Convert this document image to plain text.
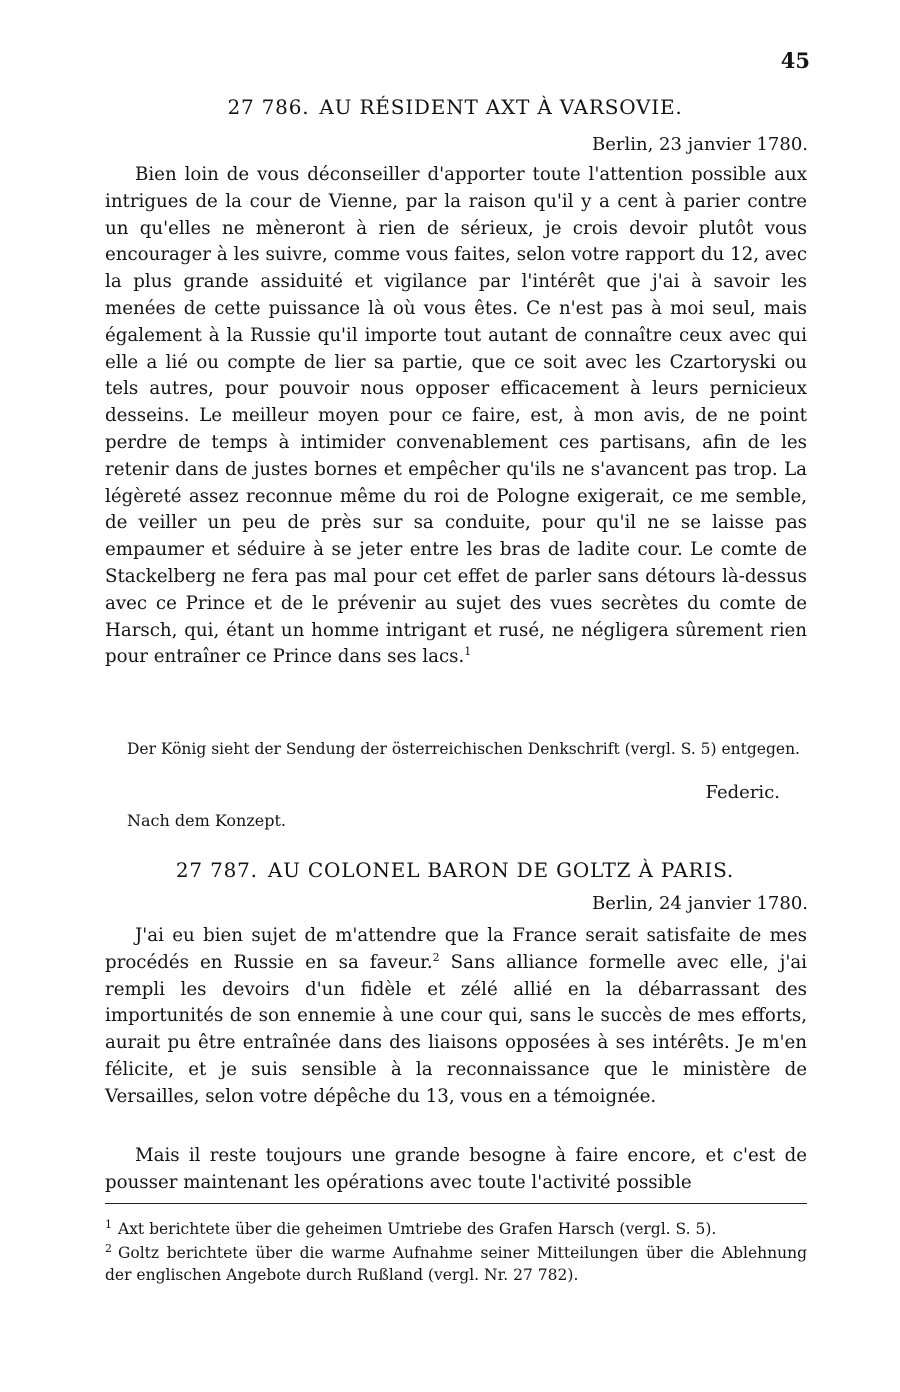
45
27 786. AU RÉSIDENT AXT À VARSOVIE.
Berlin, 23 janvier 1780.

Bien loin de vous déconseiller d'apporter toute l'attention possible aux intrigues de la cour de Vienne, par la raison qu'il y a cent à parier contre un qu'elles ne mèneront à rien de sérieux, je crois devoir plutôt vous encourager à les suivre, comme vous faites, selon votre rapport du 12, avec la plus grande assiduité et vigilance par l'intérêt que j'ai à savoir les menées de cette puissance là où vous êtes. Ce n'est pas à moi seul, mais également à la Russie qu'il importe tout autant de connaître ceux avec qui elle a lié ou compte de lier sa partie, que ce soit avec les Czartoryski ou tels autres, pour pouvoir nous opposer efficacement à leurs pernicieux desseins. Le meilleur moyen pour ce faire, est, à mon avis, de ne point perdre de temps à intimider convenablement ces partisans, afin de les retenir dans de justes bornes et empêcher qu'ils ne s'avancent pas trop. La légèreté assez reconnue même du roi de Pologne exigerait, ce me semble, de veiller un peu de près sur sa conduite, pour qu'il ne se laisse pas empaumer et séduire à se jeter entre les bras de ladite cour. Le comte de Stackelberg ne fera pas mal pour cet effet de parler sans détours là-dessus avec ce Prince et de le prévenir au sujet des vues secrètes du comte de Harsch, qui, étant un homme intrigant et rusé, ne négligera sûrement rien pour entraîner ce Prince dans ses lacs.$^1$

Der König sieht der Sendung der österreichischen Denkschrift (vergl. S. 5) entgegen.

Federic.
Nach dem Konzept.
27 787. AU COLONEL BARON DE GOLTZ À PARIS.
Berlin, 24 janvier 1780.

J'ai eu bien sujet de m'attendre que la France serait satisfaite de mes procédés en Russie en sa faveur.$^2$ Sans alliance formelle avec elle, j'ai rempli les devoirs d'un fidèle et zélé allié en la débarrassant des importunités de son ennemie à une cour qui, sans le succès de mes efforts, aurait pu être entraînée dans des liaisons opposées à ses intérêts. Je m'en félicite, et je suis sensible à la reconnaissance que le ministère de Versailles, selon votre dépêche du 13, vous en a témoignée.

Mais il reste toujours une grande besogne à faire encore, et c'est de pousser maintenant les opérations avec toute l'activité possible

$^1$ Axt berichtete über die geheimen Umtriebe des Grafen Harsch (vergl. S. 5).

$^2$ Goltz berichtete über die warme Aufnahme seiner Mitteilungen über die Ablehnung der englischen Angebote durch Rußland (vergl. Nr. 27 782).
